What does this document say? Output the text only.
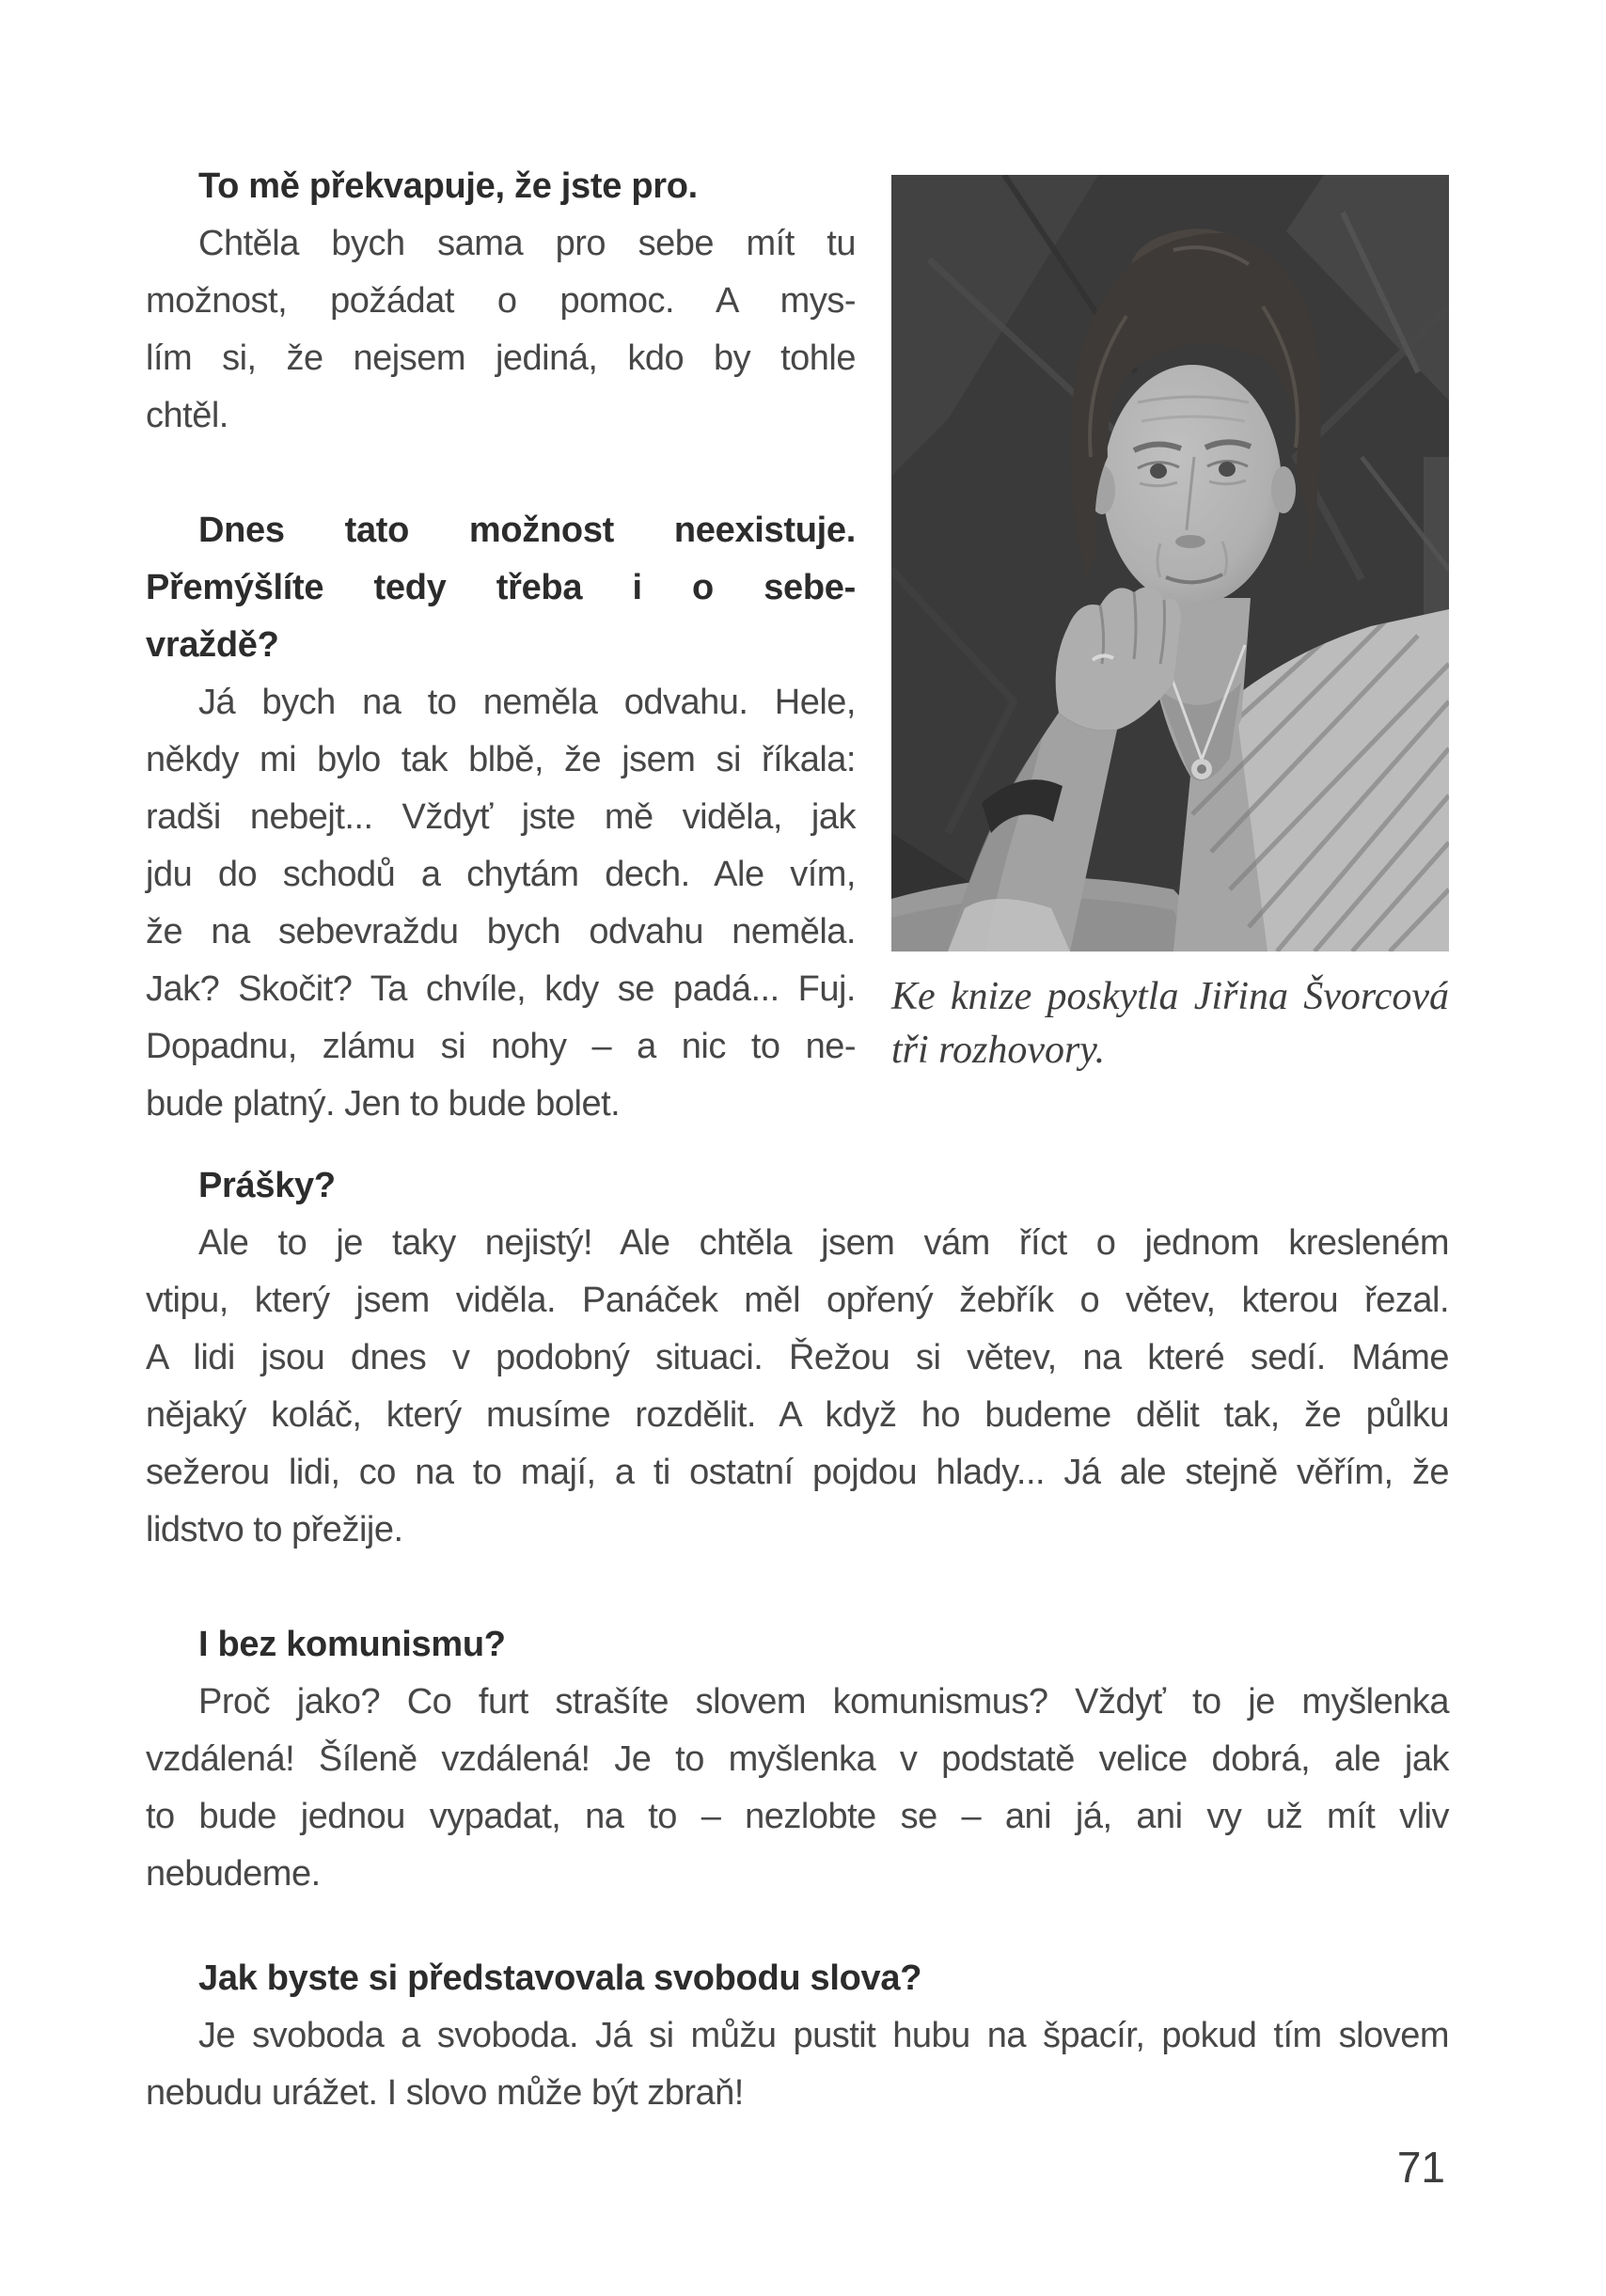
To mě překvapuje, že jste pro.
Chtěla bych sama pro sebe mít tu
možnost, požádat o pomoc. A mys-
lím si, že nejsem jediná, kdo by tohle
chtěl.
Dnes tato možnost neexistuje.
Přemýšlíte tedy třeba i o sebe-
vraždě?
Já bych na to neměla odvahu. Hele,
někdy mi bylo tak blbě, že jsem si říkala:
radši nebejt... Vždyť jste mě viděla, jak
jdu do schodů a chytám dech. Ale vím,
že na sebevraždu bych odvahu neměla.
Jak? Skočit? Ta chvíle, kdy se padá... Fuj.
Dopadnu, zlámu si nohy – a nic to ne-
bude platný. Jen to bude bolet.
Ke knize poskytla Jiřina Švorcová
tři rozhovory.
Prášky?
Ale to je taky nejistý! Ale chtěla jsem vám říct o jednom kresleném
vtipu, který jsem viděla. Panáček měl opřený žebřík o větev, kterou řezal.
A lidi jsou dnes v podobný situaci. Řežou si větev, na které sedí. Máme
nějaký koláč, který musíme rozdělit. A když ho budeme dělit tak, že půlku
sežerou lidi, co na to mají, a ti ostatní pojdou hlady... Já ale stejně věřím, že
lidstvo to přežije.
I bez komunismu?
Proč jako? Co furt strašíte slovem komunismus? Vždyť to je myšlenka
vzdálená! Šíleně vzdálená! Je to myšlenka v podstatě velice dobrá, ale jak
to bude jednou vypadat, na to – nezlobte se – ani já, ani vy už mít vliv
nebudeme.
Jak byste si představovala svobodu slova?
Je svoboda a svoboda. Já si můžu pustit hubu na špacír, pokud tím slovem
nebudu urážet. I slovo může být zbraň!
71
